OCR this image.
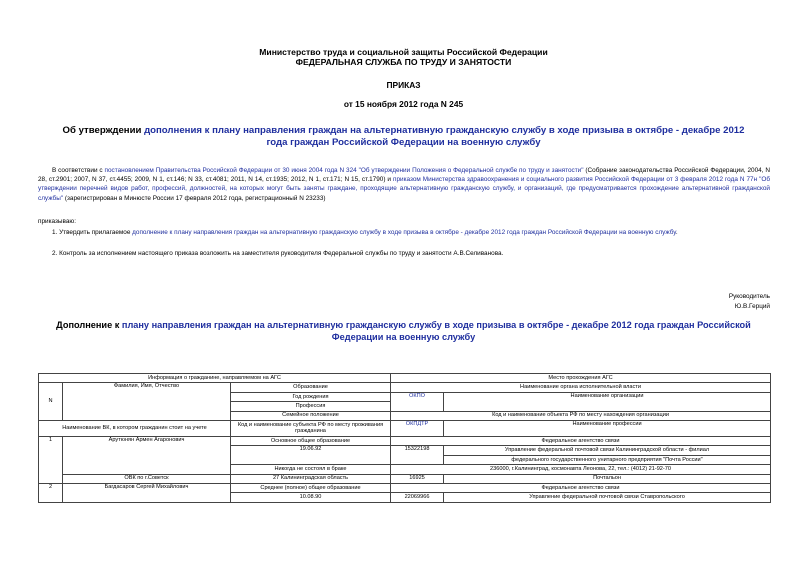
Министерство труда и социальной защиты Российской Федерации
ФЕДЕРАЛЬНАЯ СЛУЖБА ПО ТРУДУ И ЗАНЯТОСТИ
ПРИКАЗ
от 15 ноября 2012 года N 245
Об утверждении дополнения к плану направления граждан на альтернативную гражданскую службу в ходе призыва в октябре - декабре 2012 года граждан Российской Федерации на военную службу
В соответствии с постановлением Правительства Российской Федерации от 30 июня 2004 года N 324 "Об утверждении Положения о Федеральной службе по труду и занятости" (Собрание законодательства Российской Федерации, 2004, N 28, ст.2901; 2007, N 37, ст.4455; 2009, N 1, ст.146; N 33, ст.4081; 2011, N 14, ст.1935; 2012, N 1, ст.171; N 15, ст.1790) и приказом Министерства здравоохранения и социального развития Российской Федерации от 3 февраля 2012 года N 77н "Об утверждении перечней видов работ, профессий, должностей, на которых могут быть заняты граждане, проходящие альтернативную гражданскую службу, и организаций, где предусматривается прохождение альтернативной гражданской службы" (зарегистрирован в Минюсте России 17 февраля 2012 года, регистрационный N 23233)
приказываю:
1. Утвердить прилагаемое дополнение к плану направления граждан на альтернативную гражданскую службу в ходе призыва в октябре - декабре 2012 года граждан Российской Федерации на военную службу.
2. Контроль за исполнением настоящего приказа возложить на заместителя руководителя Федеральной службы по труду и занятости А.В.Селиванова.
Руководитель
Ю.В.Герций
Дополнение к плану направления граждан на альтернативную гражданскую службу в ходе призыва в октябре - декабре 2012 года граждан Российской Федерации на военную службу
Информация о гражданине, направляемом на АГС			Место прохождения АГС	
N	Фамилия, Имя, Отчество	Образование	Наименование органа исполнительной власти	
		Год рождения	ОКПО	Наименование организации
		Профессия		
		Семейное положение	Код и наименование объекта РФ по месту нахождения организации	
Наименование ВК, в котором гражданин стоит на учете		Код и наименование субъекта РФ по месту проживания гражданина	ОКПДТР	Наименование профессии
1	Арутюнян Армен Агаронович	Основное общее образование	Федеральное агентство связи	
		19.06.92	15322198	Управление федеральной почтовой связи Калининградской области - филиал
				федерального государственного унитарного предприятия "Почта России"
		Никогда не состоял в браке	236000, г.Калининград, космонавта Леонова, 22, тел.: (4012) 21-92-70	
	ОВК по г.Советск	27 Калининградская область	16925	Почтальон
2	Багдасаров Сергей Михайлович	Среднее (полное) общее образование	Федеральное агентство связи	
		10.08.90	22069966	Управление федеральной почтовой связи Ставропольского
